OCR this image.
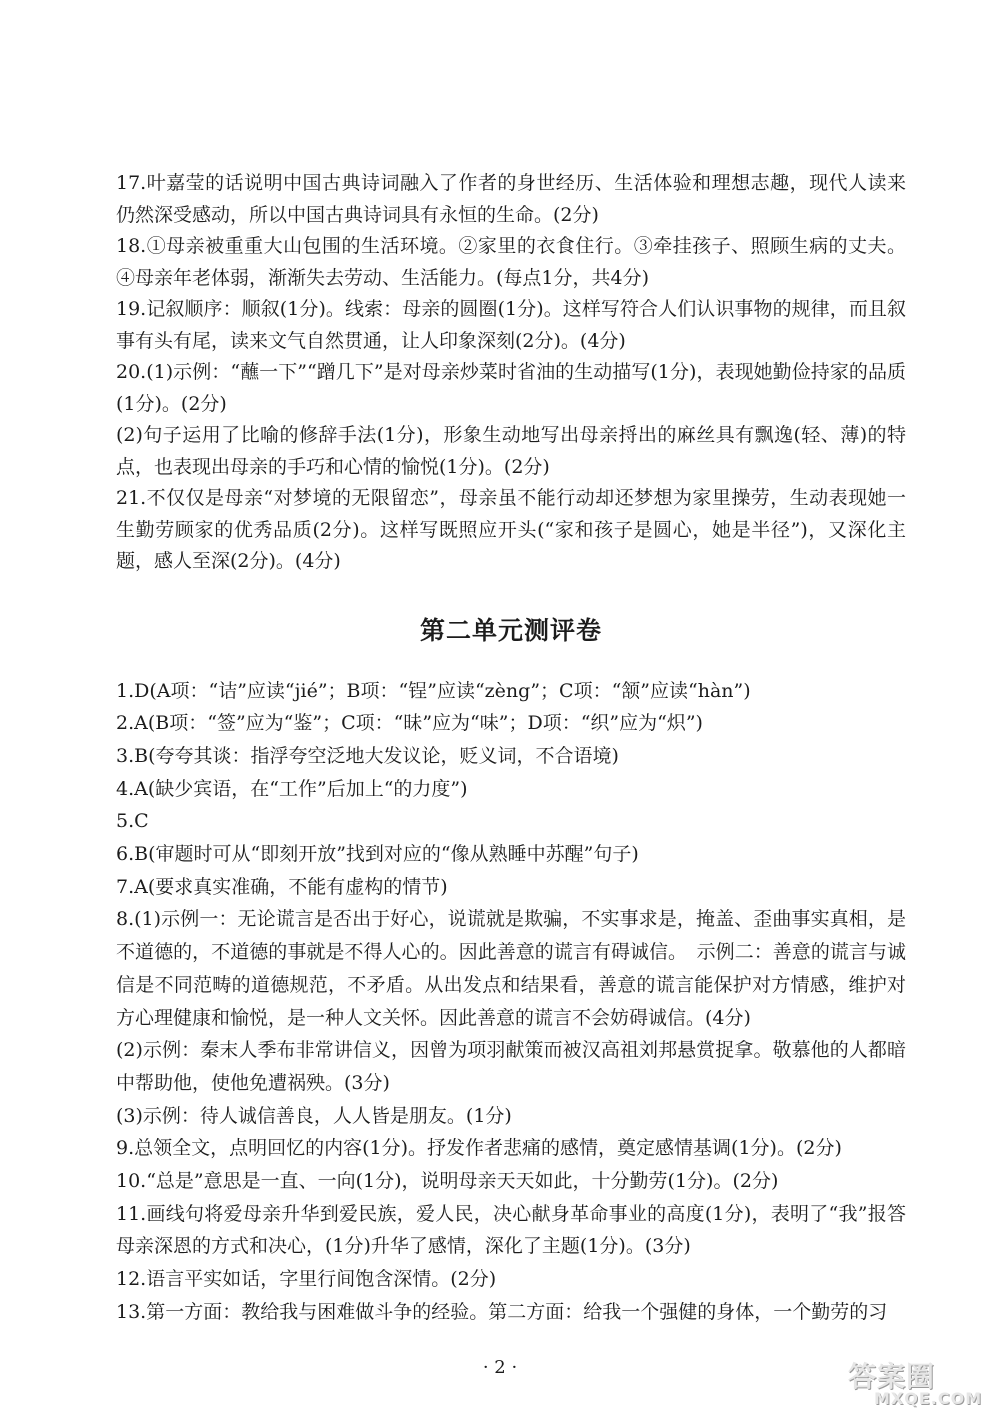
17.叶嘉莹的话说明中国古典诗词融入了作者的身世经历、生活体验和理想志趣，现代人读来仍然深受感动，所以中国古典诗词具有永恒的生命。(2分)

18.①母亲被重重大山包围的生活环境。②家里的衣食住行。③牵挂孩子、照顾生病的丈夫。④母亲年老体弱，渐渐失去劳动、生活能力。(每点1分，共4分)

19.记叙顺序：顺叙(1分)。线索：母亲的圆圈(1分)。这样写符合人们认识事物的规律，而且叙事有头有尾，读来文气自然贯通，让人印象深刻(2分)。(4分)

20.(1)示例：“蘸一下”“蹭几下”是对母亲炒菜时省油的生动描写(1分)，表现她勤俭持家的品质(1分)。(2分)

(2)句子运用了比喻的修辞手法(1分)，形象生动地写出母亲捋出的麻丝具有飘逸(轻、薄)的特点，也表现出母亲的手巧和心情的愉悦(1分)。(2分)

21.不仅仅是母亲“对梦境的无限留恋”，母亲虽不能行动却还梦想为家里操劳，生动表现她一生勤劳顾家的优秀品质(2分)。这样写既照应开头(“家和孩子是圆心，她是半径”)，又深化主题，感人至深(2分)。(4分)

第二单元测评卷

1.D(A项：“诘”应读“jié”；B项：“锃”应读“zèng”；C项：“颔”应读“hàn”)

2.A(B项：“签”应为“鉴”；C项：“昧”应为“味”；D项：“织”应为“炽”)

3.B(夸夸其谈：指浮夸空泛地大发议论，贬义词，不合语境)

4.A(缺少宾语，在“工作”后加上“的力度”)

5.C

6.B(审题时可从“即刻开放”找到对应的“像从熟睡中苏醒”句子)

7.A(要求真实准确，不能有虚构的情节)

8.(1)示例一：无论谎言是否出于好心，说谎就是欺骗，不实事求是，掩盖、歪曲事实真相，是不道德的，不道德的事就是不得人心的。因此善意的谎言有碍诚信。　示例二：善意的谎言与诚信是不同范畴的道德规范，不矛盾。从出发点和结果看，善意的谎言能保护对方情感，维护对方心理健康和愉悦，是一种人文关怀。因此善意的谎言不会妨碍诚信。(4分)

(2)示例：秦末人季布非常讲信义，因曾为项羽献策而被汉高祖刘邦悬赏捉拿。敬慕他的人都暗中帮助他，使他免遭祸殃。(3分)

(3)示例：待人诚信善良，人人皆是朋友。(1分)

9.总领全文，点明回忆的内容(1分)。抒发作者悲痛的感情，奠定感情基调(1分)。(2分)

10.“总是”意思是一直、一向(1分)，说明母亲天天如此，十分勤劳(1分)。(2分)

11.画线句将爱母亲升华到爱民族，爱人民，决心献身革命事业的高度(1分)，表明了“我”报答母亲深恩的方式和决心，(1分)升华了感情，深化了主题(1分)。(3分)

12.语言平实如话，字里行间饱含深情。(2分)

13.第一方面：教给我与困难做斗争的经验。第二方面：给我一个强健的身体，一个勤劳的习

· 2 ·	答案圈
MXQE.COM
